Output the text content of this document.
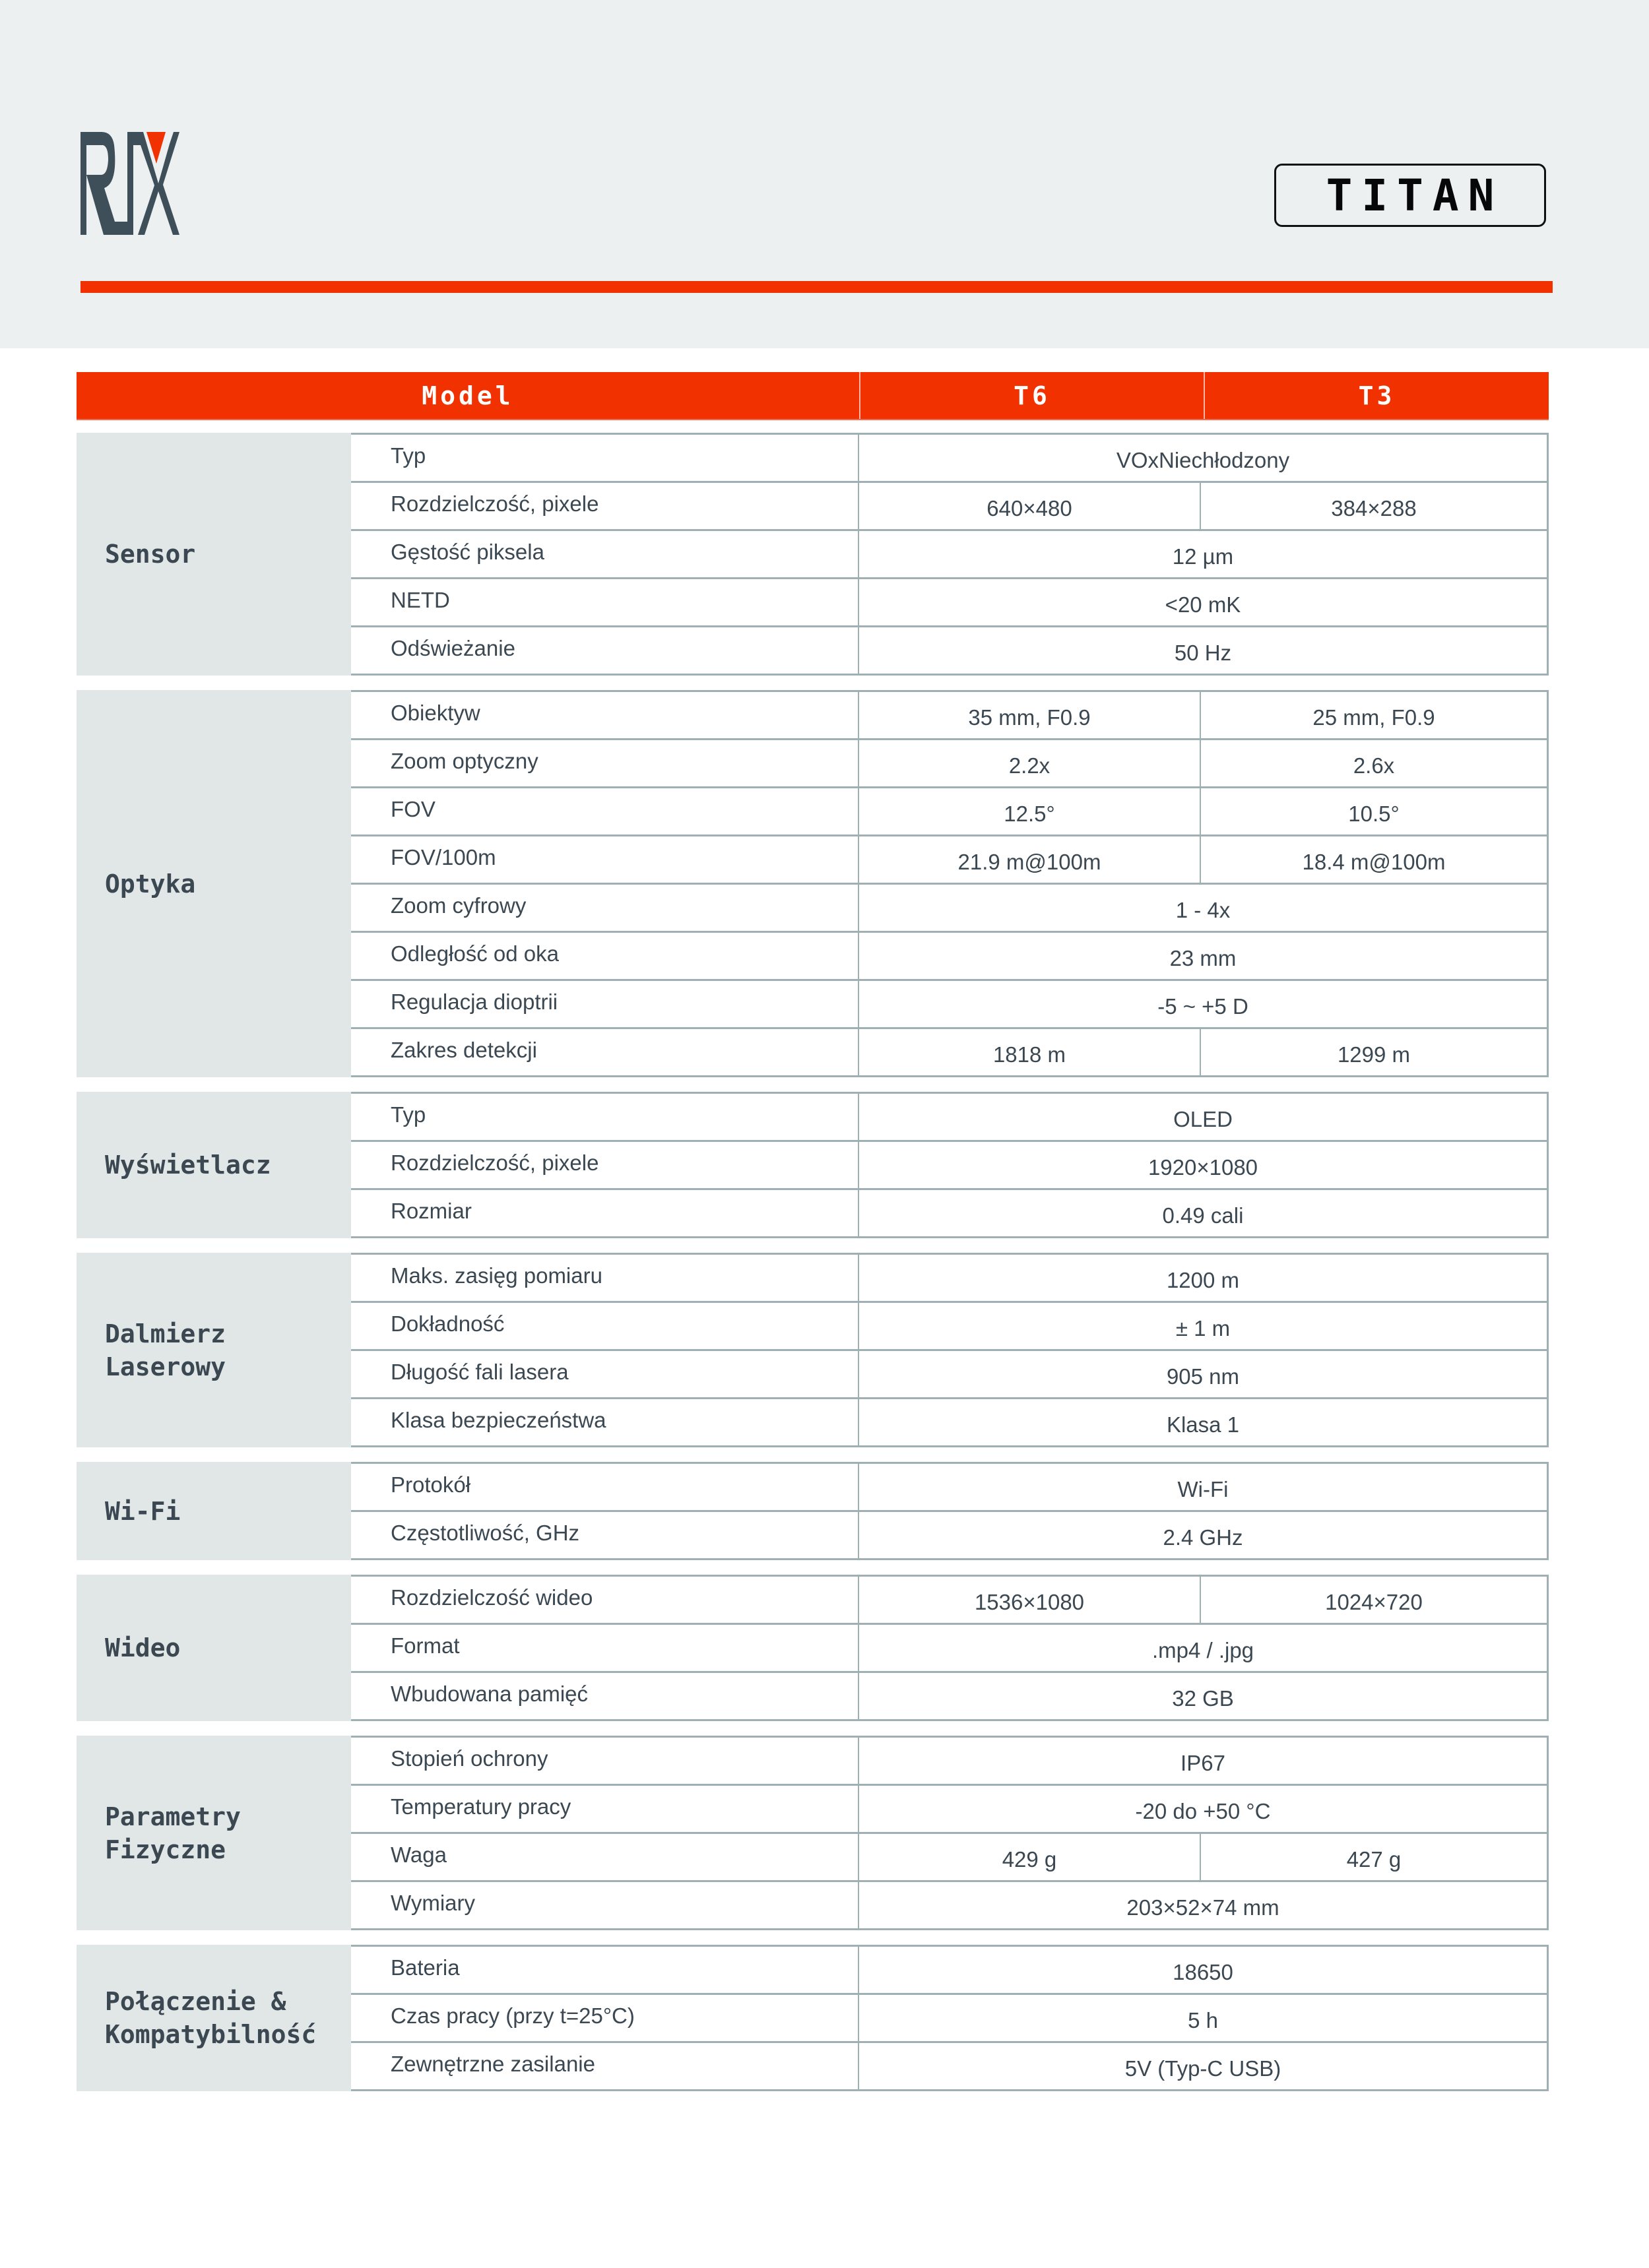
TITAN
Model	T6	T3
Sensor
Typ	VOxNiechłodzony
Rozdzielczość, pixele	640×480	384×288
Gęstość piksela	12 µm
NETD	<20 mK
Odświeżanie	50 Hz
Optyka
Obiektyw	35 mm, F0.9	25 mm, F0.9
Zoom optyczny	2.2x	2.6x
FOV	12.5°	10.5°
FOV/100m	21.9 m@100m	18.4 m@100m
Zoom cyfrowy	1 - 4x
Odległość od oka	23 mm
Regulacja dioptrii	-5 ~ +5 D
Zakres detekcji	1818 m	1299 m
Wyświetlacz
Typ	OLED
Rozdzielczość, pixele	1920×1080
Rozmiar	0.49 cali
Dalmierz
Laserowy
Maks. zasięg pomiaru	1200 m
Dokładność	± 1 m
Długość fali lasera	905 nm
Klasa bezpieczeństwa	Klasa 1
Wi-Fi
Protokół	Wi-Fi
Częstotliwość, GHz	2.4 GHz
Wideo
Rozdzielczość wideo	1536×1080	1024×720
Format	.mp4 / .jpg
Wbudowana pamięć	32 GB
Parametry
Fizyczne
Stopień ochrony	IP67
Temperatury pracy	-20 do +50 °C
Waga	429 g	427 g
Wymiary	203×52×74 mm
Połączenie &
Kompatybilność
Bateria	18650
Czas pracy (przy t=25°C)	5 h
Zewnętrzne zasilanie	5V (Typ-C USB)
